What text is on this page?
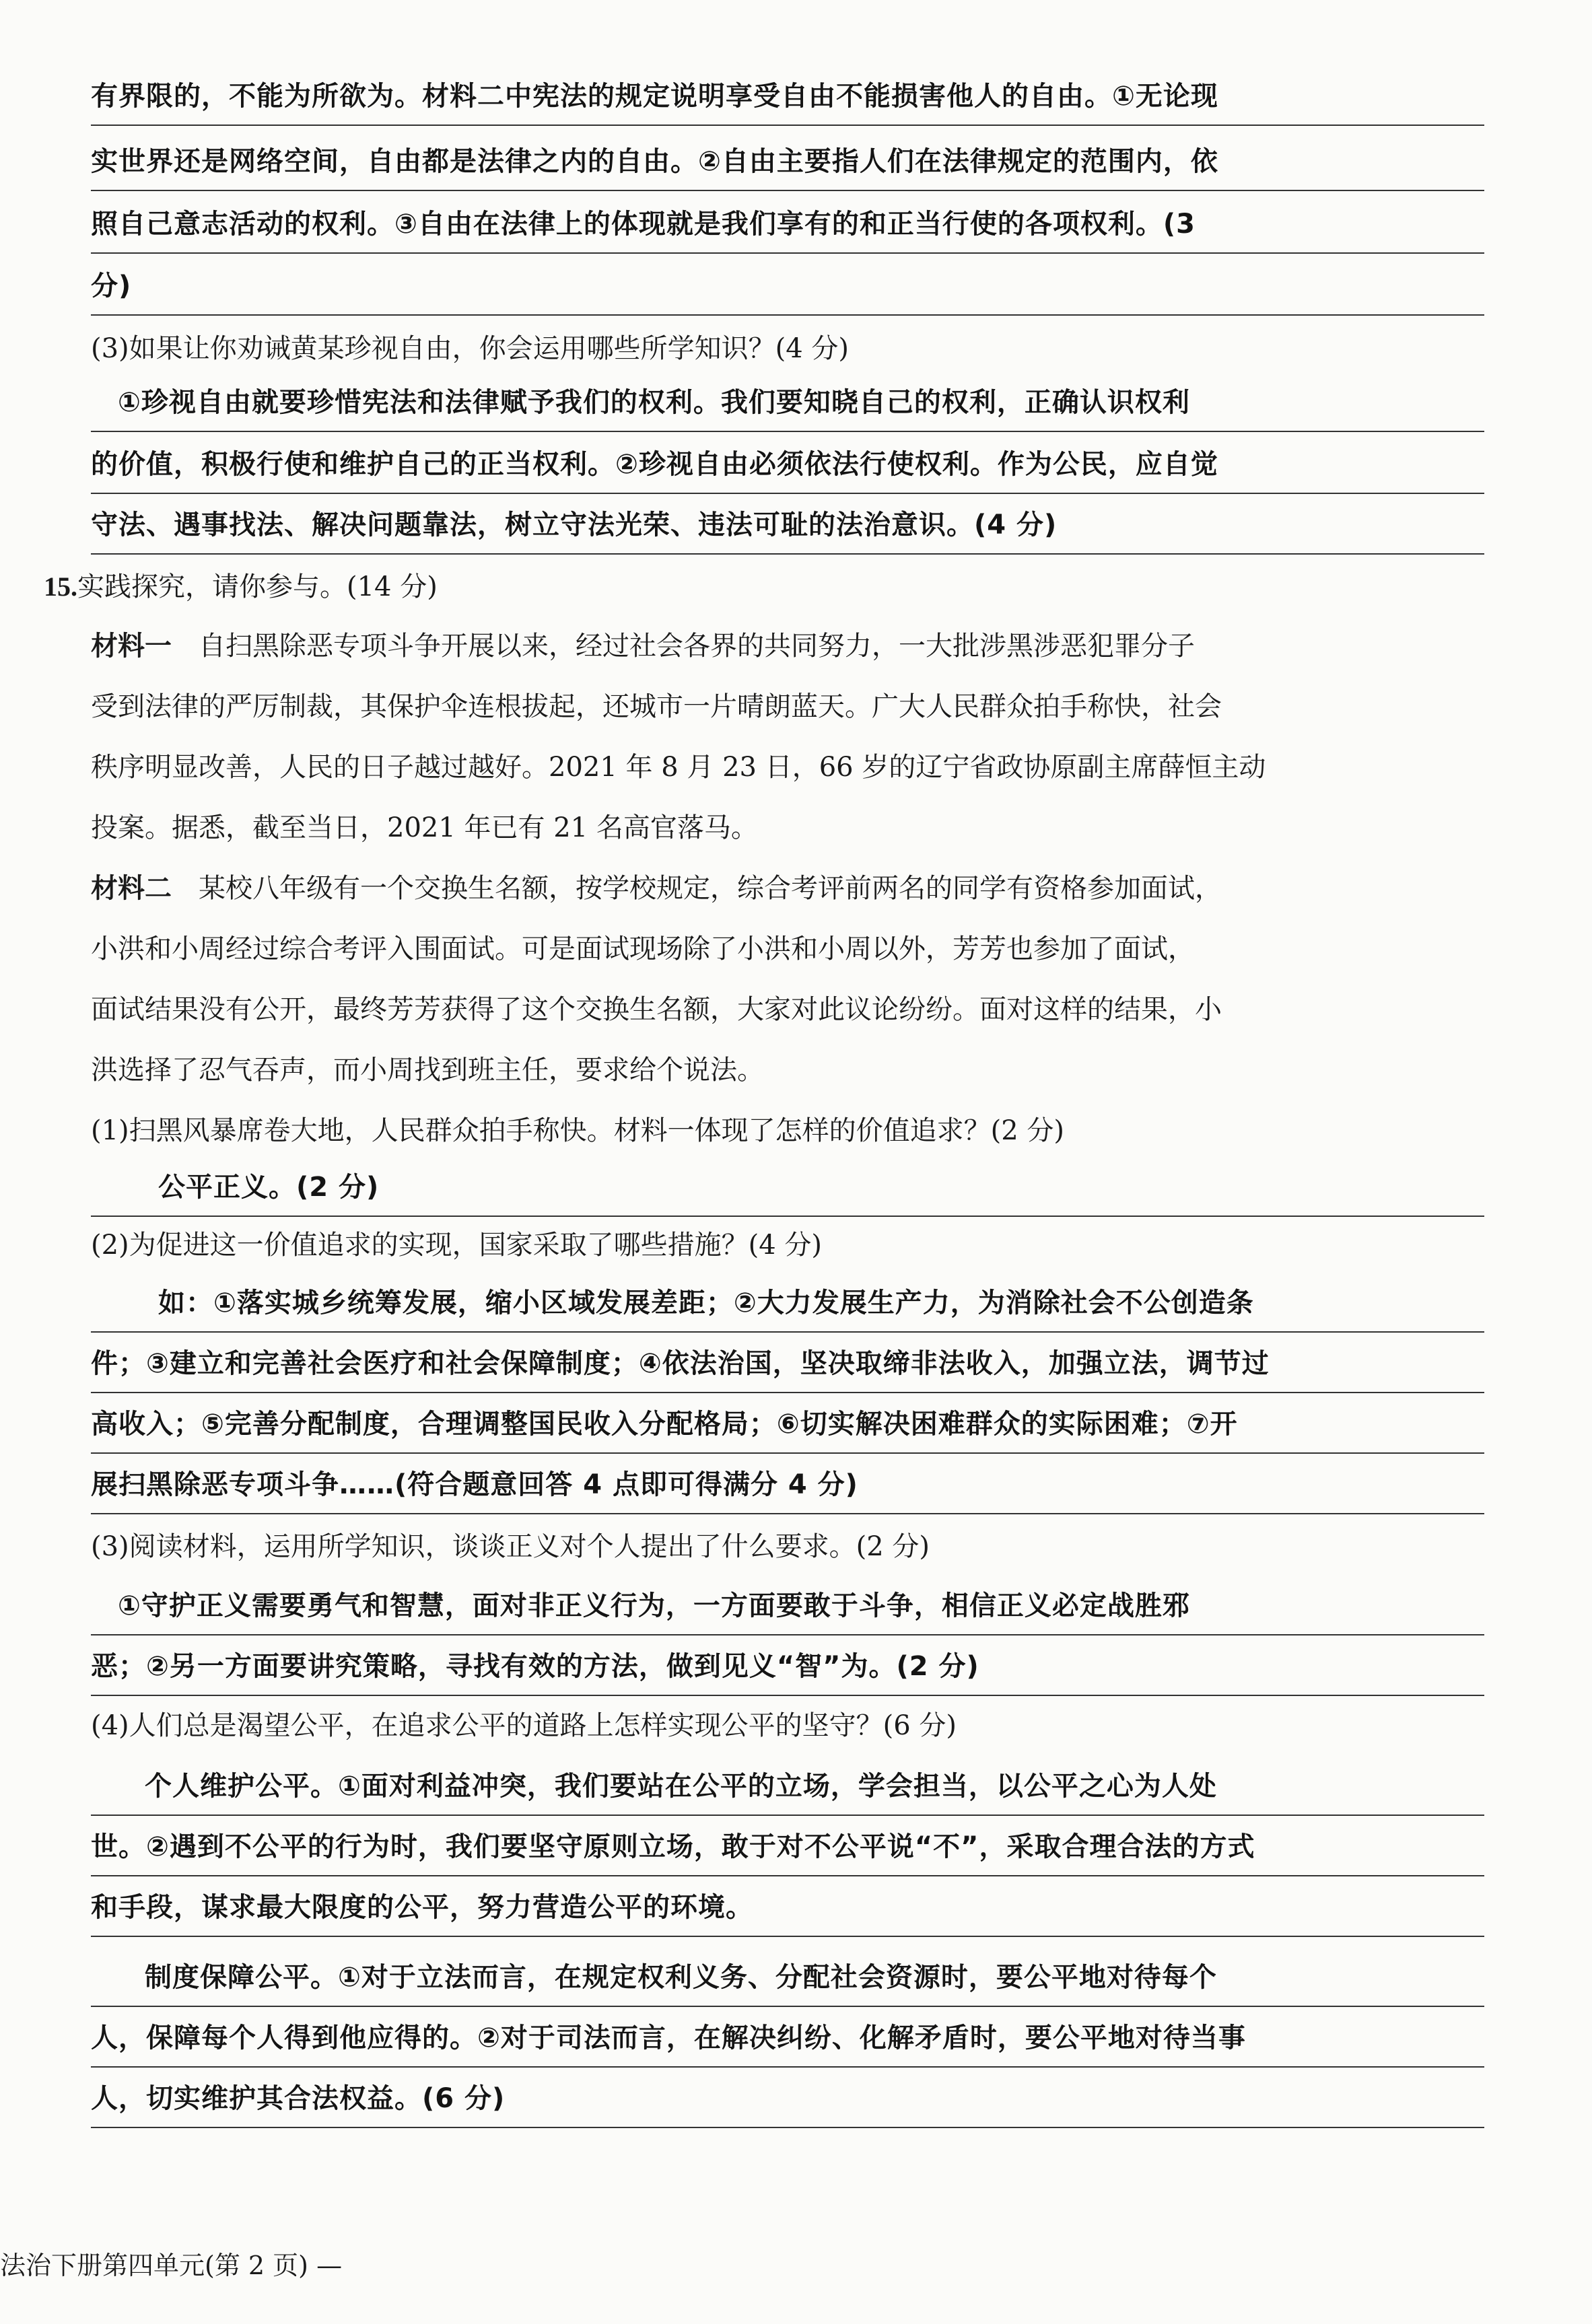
有界限的，不能为所欲为。材料二中宪法的规定说明享受自由不能损害他人的自由。①无论现
实世界还是网络空间，自由都是法律之内的自由。②自由主要指人们在法律规定的范围内，依
照自己意志活动的权利。③自由在法律上的体现就是我们享有的和正当行使的各项权利。(3
分)
(3)如果让你劝诫黄某珍视自由，你会运用哪些所学知识？(4 分)
①珍视自由就要珍惜宪法和法律赋予我们的权利。我们要知晓自己的权利，正确认识权利
的价值，积极行使和维护自己的正当权利。②珍视自由必须依法行使权利。作为公民，应自觉
守法、遇事找法、解决问题靠法，树立守法光荣、违法可耻的法治意识。(4 分)
15.实践探究，请你参与。(14 分)
材料一 自扫黑除恶专项斗争开展以来，经过社会各界的共同努力，一大批涉黑涉恶犯罪分子
受到法律的严厉制裁，其保护伞连根拔起，还城市一片晴朗蓝天。广大人民群众拍手称快，社会
秩序明显改善，人民的日子越过越好。2021 年 8 月 23 日，66 岁的辽宁省政协原副主席薛恒主动
投案。据悉，截至当日，2021 年已有 21 名高官落马。
材料二 某校八年级有一个交换生名额，按学校规定，综合考评前两名的同学有资格参加面试，
小洪和小周经过综合考评入围面试。可是面试现场除了小洪和小周以外，芳芳也参加了面试，
面试结果没有公开，最终芳芳获得了这个交换生名额，大家对此议论纷纷。面对这样的结果，小
洪选择了忍气吞声，而小周找到班主任，要求给个说法。
(1)扫黑风暴席卷大地，人民群众拍手称快。材料一体现了怎样的价值追求？(2 分)
公平正义。(2 分)
(2)为促进这一价值追求的实现，国家采取了哪些措施？(4 分)
如：①落实城乡统筹发展，缩小区域发展差距；②大力发展生产力，为消除社会不公创造条
件；③建立和完善社会医疗和社会保障制度；④依法治国，坚决取缔非法收入，加强立法，调节过
高收入；⑤完善分配制度，合理调整国民收入分配格局；⑥切实解决困难群众的实际困难；⑦开
展扫黑除恶专项斗争……(符合题意回答 4 点即可得满分 4 分)
(3)阅读材料，运用所学知识，谈谈正义对个人提出了什么要求。(2 分)
①守护正义需要勇气和智慧，面对非正义行为，一方面要敢于斗争，相信正义必定战胜邪
恶；②另一方面要讲究策略，寻找有效的方法，做到见义“智”为。(2 分)
(4)人们总是渴望公平，在追求公平的道路上怎样实现公平的坚守？(6 分)
个人维护公平。①面对利益冲突，我们要站在公平的立场，学会担当，以公平之心为人处
世。②遇到不公平的行为时，我们要坚守原则立场，敢于对不公平说“不”，采取合理合法的方式
和手段，谋求最大限度的公平，努力营造公平的环境。
制度保障公平。①对于立法而言，在规定权利义务、分配社会资源时，要公平地对待每个
人，保障每个人得到他应得的。②对于司法而言，在解决纠纷、化解矛盾时，要公平地对待当事
人，切实维护其合法权益。(6 分)
法治下册第四单元(第 2 页) —
